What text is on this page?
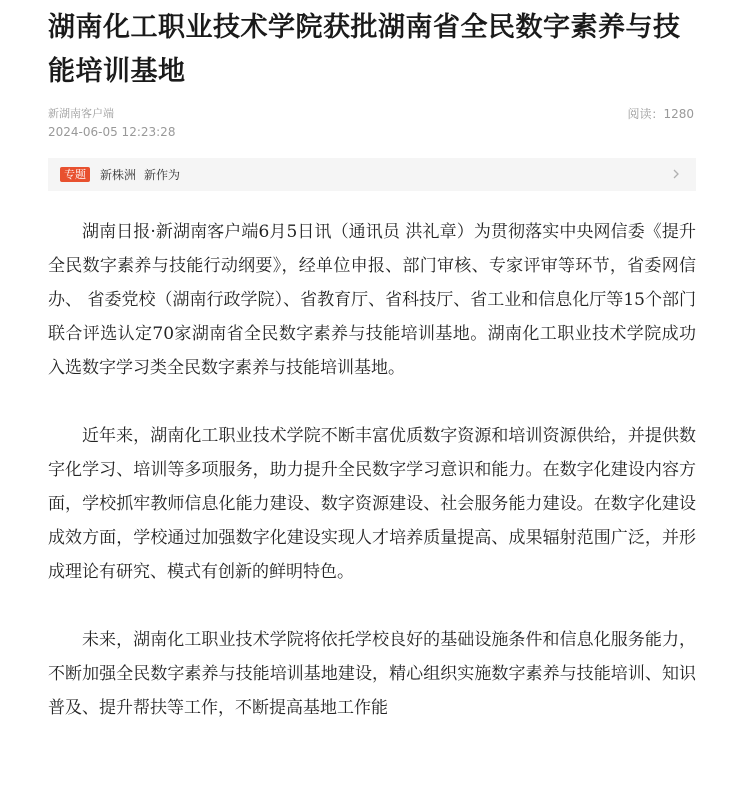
湖南化工职业技术学院获批湖南省全民数字素养与技能培训基地
新湖南客户端
2024-06-05 12:23:28
阅读：1280
专题	新株洲 新作为

湖南日报·新湖南客户端6月5日讯（通讯员 洪礼章）为贯彻落实中央网信委《提升全民数字素养与技能行动纲要》，经单位申报、部门审核、专家评审等环节，省委网信办、 省委党校（湖南行政学院）、省教育厅、省科技厅、省工业和信息化厅等15个部门联合评选认定70家湖南省全民数字素养与技能培训基地。湖南化工职业技术学院成功入选数字学习类全民数字素养与技能培训基地。

近年来，湖南化工职业技术学院不断丰富优质数字资源和培训资源供给，并提供数字化学习、培训等多项服务，助力提升全民数字学习意识和能力。在数字化建设内容方面，学校抓牢教师信息化能力建设、数字资源建设、社会服务能力建设。在数字化建设成效方面，学校通过加强数字化建设实现人才培养质量提高、成果辐射范围广泛，并形成理论有研究、模式有创新的鲜明特色。

未来，湖南化工职业技术学院将依托学校良好的基础设施条件和信息化服务能力，不断加强全民数字素养与技能培训基地建设，精心组织实施数字素养与技能培训、知识普及、提升帮扶等工作，不断提高基地工作能
